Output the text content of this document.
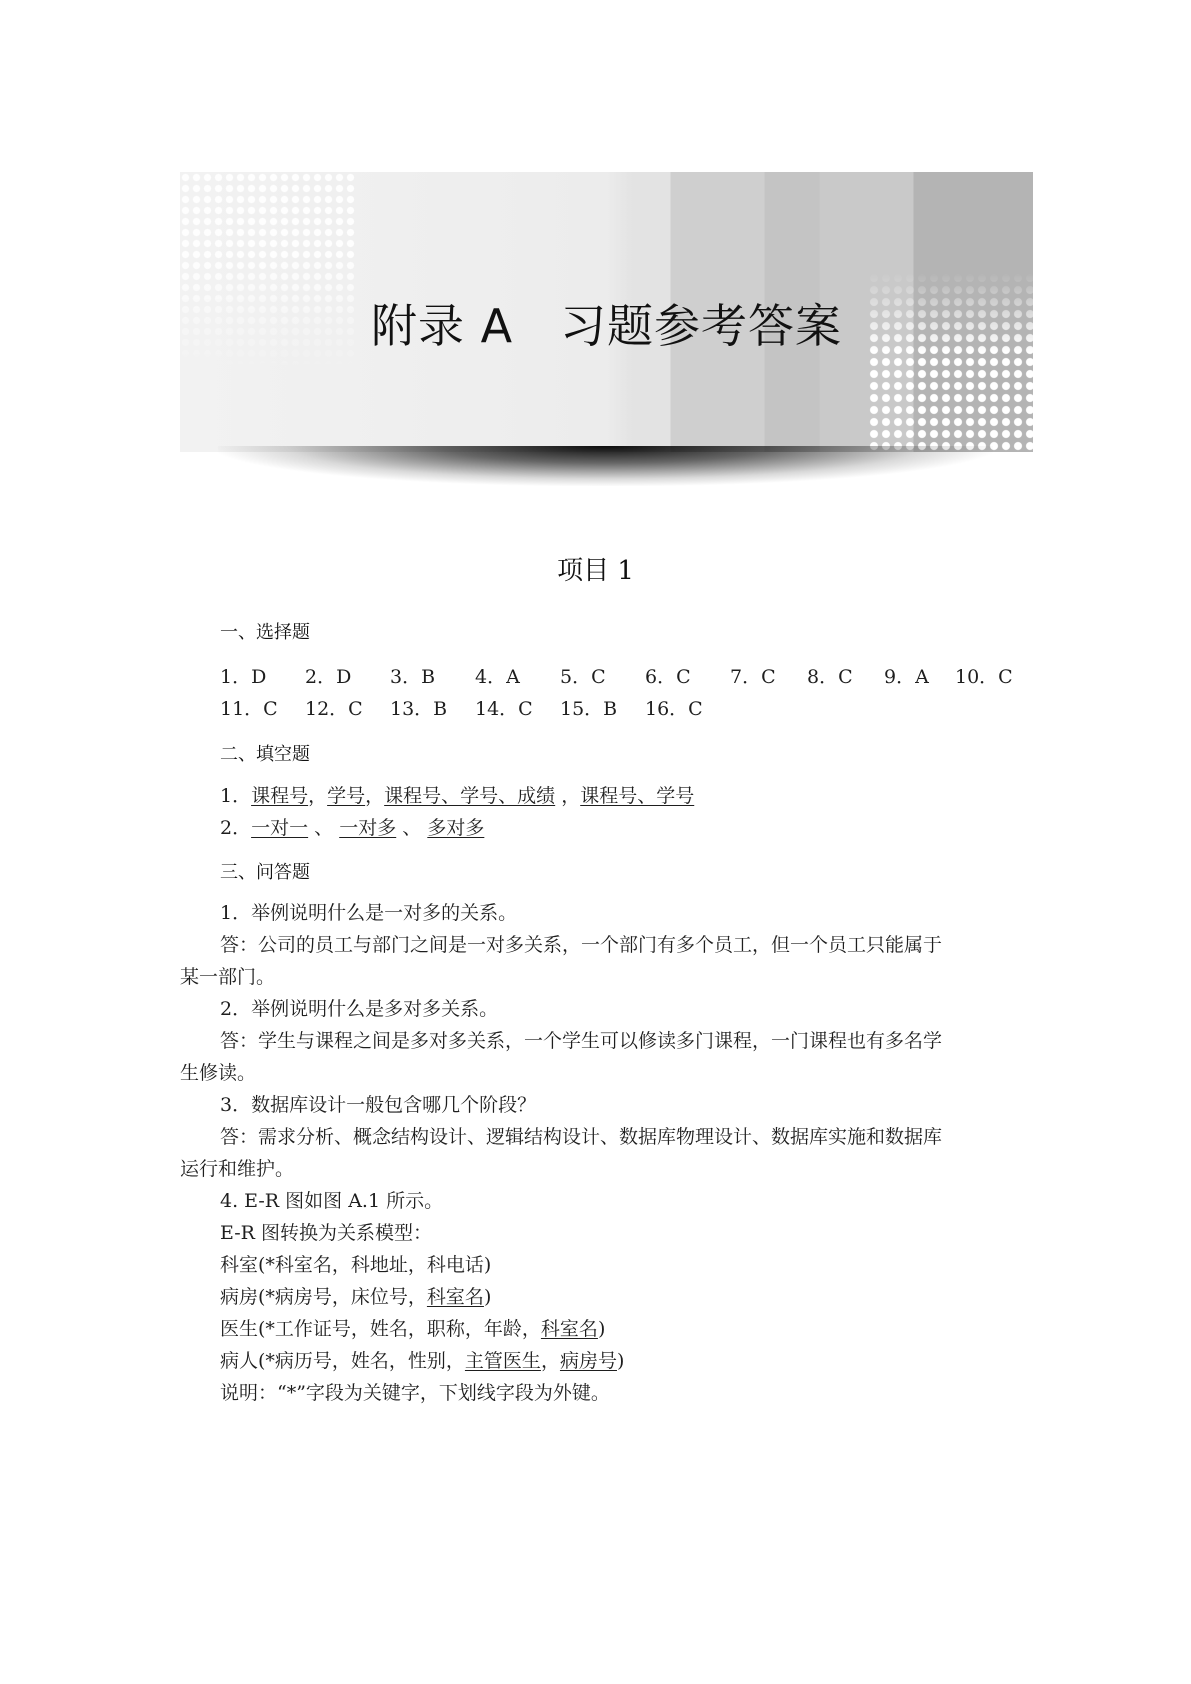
附录 A　习题参考答案
项目 1
一、选择题
1．D 2．D 3．B 4．A 5．C 6．C 7．C 8．C 9．A 10．C
11．C 12．C 13．B 14．C 15．B 16．C
二、填空题
1．课程号，学号，课程号、学号、成绩 ，课程号、学号
2．一对一 、 一对多 、 多对多
三、问答题
1．举例说明什么是一对多的关系。
答：公司的员工与部门之间是一对多关系，一个部门有多个员工，但一个员工只能属于
某一部门。
2．举例说明什么是多对多关系。
答：学生与课程之间是多对多关系，一个学生可以修读多门课程，一门课程也有多名学
生修读。
3．数据库设计一般包含哪几个阶段？
答：需求分析、概念结构设计、逻辑结构设计、数据库物理设计、数据库实施和数据库
运行和维护。
4. E-R 图如图 A.1 所示。
E-R 图转换为关系模型：
科室(*科室名，科地址，科电话)
病房(*病房号，床位号，科室名)
医生(*工作证号，姓名，职称，年龄，科室名)
病人(*病历号，姓名，性别，主管医生，病房号)
说明：“*”字段为关键字，下划线字段为外键。
